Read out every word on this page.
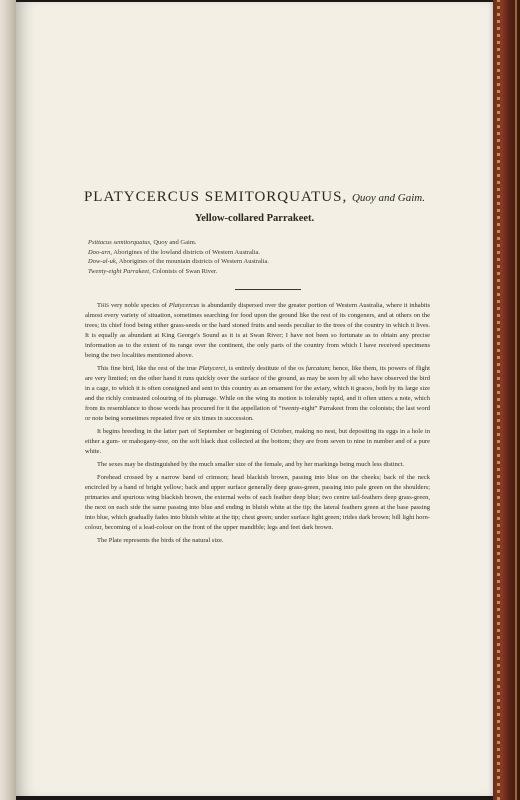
PLATYCERCUS SEMITORQUATUS, Quoy and Gaim.
Yellow-collared Parrakeet.
Psittacus semitorquatus, Quoy and Gaim.
Doo-arn, Aborigines of the lowland districts of Western Australia.
Dow-al-uk, Aborigines of the mountain districts of Western Australia.
Twenty-eight Parrakeet, Colonists of Swan River.

This very noble species of Platycercus is abundantly dispersed over the greater portion of Western Australia, where it inhabits almost every variety of situation, sometimes searching for food upon the ground like the rest of its congeners, and at others on the trees; its chief food being either grass-seeds or the hard stoned fruits and seeds peculiar to the trees of the country in which it lives. It is equally as abundant at King George's Sound as it is at Swan River; I have not been so fortunate as to obtain any precise information as to the extent of its range over the continent, the only parts of the country from which I have received specimens being the two localities mentioned above.

This fine bird, like the rest of the true Platycerci, is entirely destitute of the os furcatum; hence, like them, its powers of flight are very limited; on the other hand it runs quickly over the surface of the ground, as may be seen by all who have observed the bird in a cage, to which it is often consigned and sent to this country as an ornament for the aviary, which it graces, both by its large size and the richly contrasted colouring of its plumage. While on the wing its motion is tolerably rapid, and it often utters a note, which from its resemblance to those words has procured for it the appellation of “twenty-eight” Parrakeet from the colonists; the last word or note being sometimes repeated five or six times in succession.

It begins breeding in the latter part of September or beginning of October, making no nest, but depositing its eggs in a hole in either a gum- or mahogany-tree, on the soft black dust collected at the bottom; they are from seven to nine in number and of a pure white.

The sexes may be distinguished by the much smaller size of the female, and by her markings being much less distinct.

Forehead crossed by a narrow band of crimson; head blackish brown, passing into blue on the cheeks; back of the neck encircled by a band of bright yellow; back and upper surface generally deep grass-green, passing into pale green on the shoulders; primaries and spurious wing blackish brown, the external webs of each feather deep blue; two centre tail-feathers deep grass-green, the next on each side the same passing into blue and ending in bluish white at the tip; the lateral feathers green at the base passing into blue, which gradually fades into bluish white at the tip; chest green; under surface light green; irides dark brown; bill light horn-colour, becoming of a lead-colour on the front of the upper mandible; legs and feet dark brown.

The Plate represents the birds of the natural size.
